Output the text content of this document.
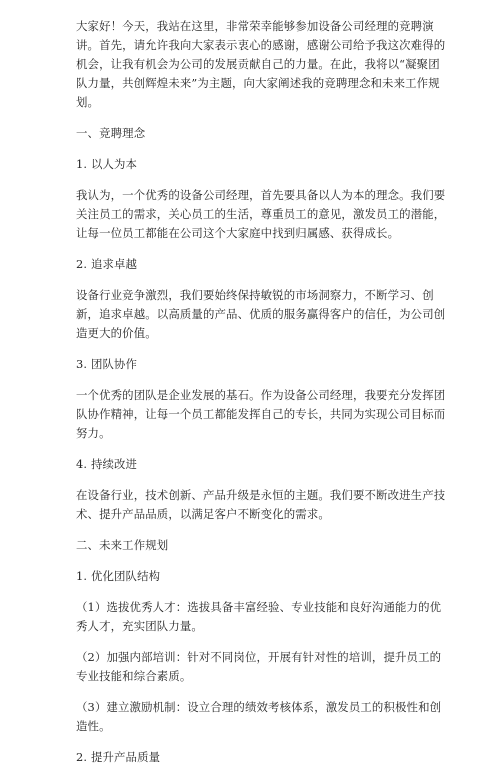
大家好！今天，我站在这里，非常荣幸能够参加设备公司经理的竞聘演讲。首先，请允许我向大家表示衷心的感谢，感谢公司给予我这次难得的机会，让我有机会为公司的发展贡献自己的力量。在此，我将以“凝聚团队力量，共创辉煌未来”为主题，向大家阐述我的竞聘理念和未来工作规划。

一、竞聘理念

1. 以人为本

我认为，一个优秀的设备公司经理，首先要具备以人为本的理念。我们要关注员工的需求，关心员工的生活，尊重员工的意见，激发员工的潜能，让每一位员工都能在公司这个大家庭中找到归属感、获得成长。

2. 追求卓越

设备行业竞争激烈，我们要始终保持敏锐的市场洞察力，不断学习、创新，追求卓越。以高质量的产品、优质的服务赢得客户的信任，为公司创造更大的价值。

3. 团队协作

一个优秀的团队是企业发展的基石。作为设备公司经理，我要充分发挥团队协作精神，让每一个员工都能发挥自己的专长，共同为实现公司目标而努力。

4. 持续改进

在设备行业，技术创新、产品升级是永恒的主题。我们要不断改进生产技术、提升产品品质，以满足客户不断变化的需求。

二、未来工作规划

1. 优化团队结构

（1）选拔优秀人才：选拔具备丰富经验、专业技能和良好沟通能力的优秀人才，充实团队力量。

（2）加强内部培训：针对不同岗位，开展有针对性的培训，提升员工的专业技能和综合素质。

（3）建立激励机制：设立合理的绩效考核体系，激发员工的积极性和创造性。

2. 提升产品质量
